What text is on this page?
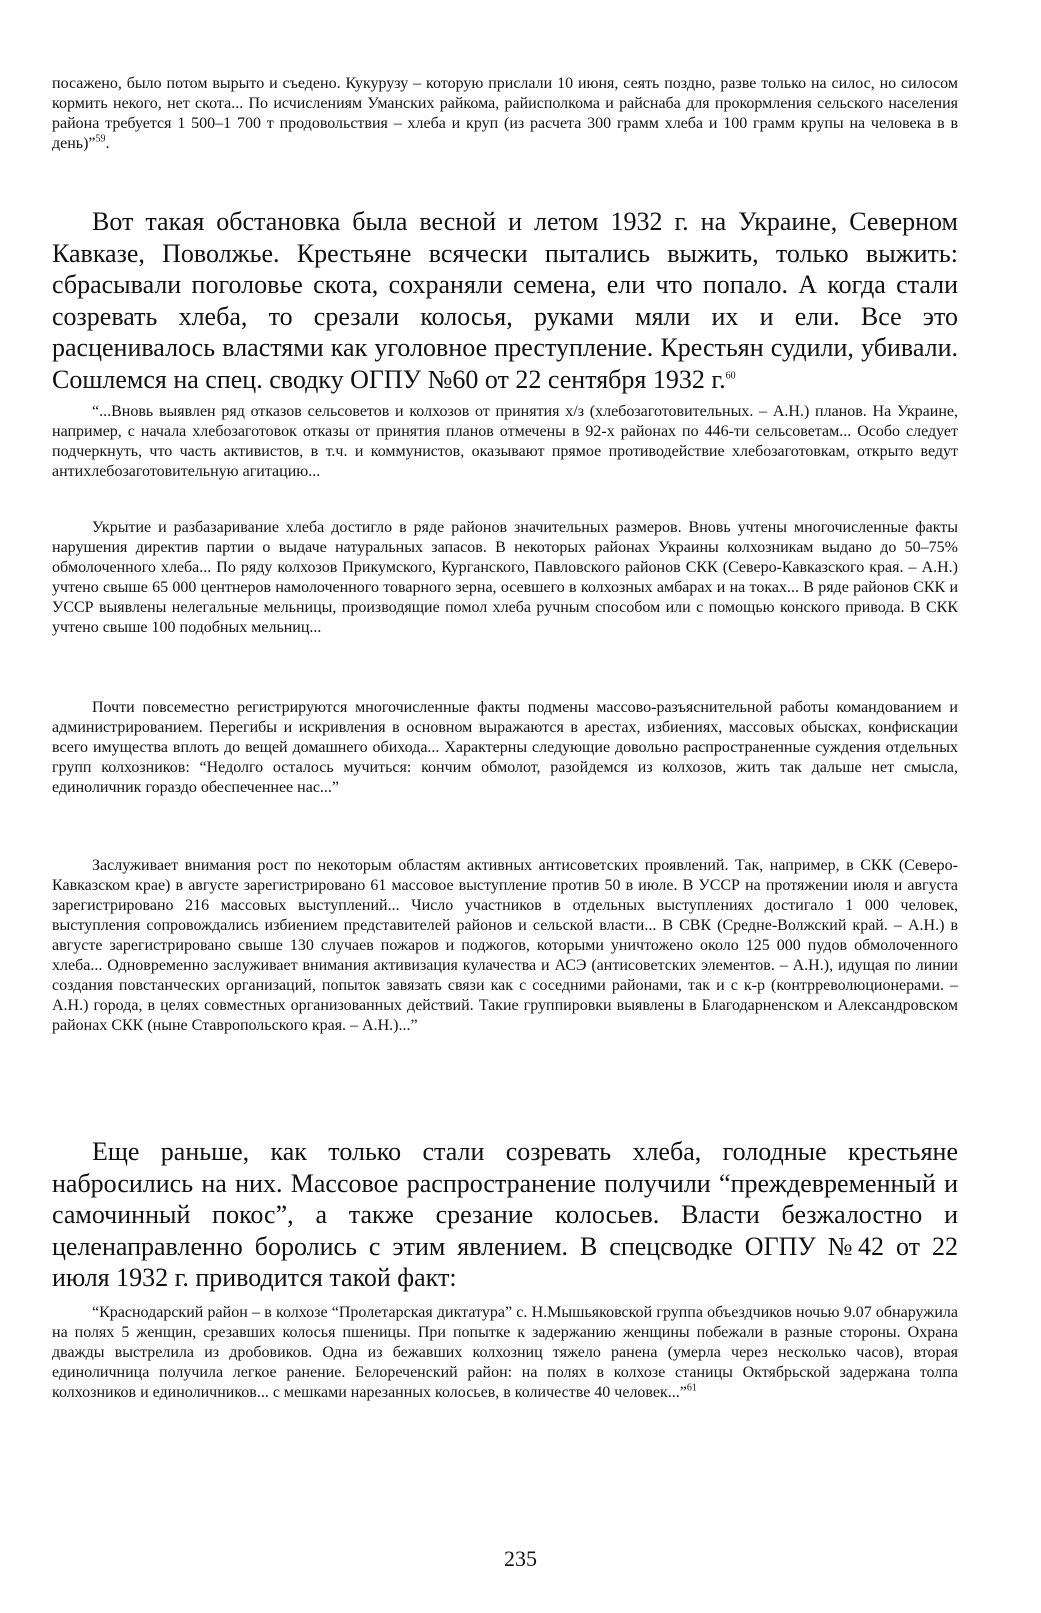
посажено, было потом вырыто и съедено. Кукурузу – которую прислали 10 июня, сеять поздно, разве только на силос, но силосом кормить некого, нет скота... По исчислениям Уманских райкома, райисполкома и райснаба для прокормления сельского населения района требуется 1 500–1 700 т продовольствия – хлеба и круп (из расчета 300 грамм хлеба и 100 грамм крупы на человека в в день)”$^{59}$.

Вот такая обстановка была весной и летом 1932 г. на Украине, Северном Кавказе, Поволжье. Крестьяне всячески пытались выжить, только выжить: сбрасывали поголовье скота, сохраняли семена, ели что попало. А когда стали созревать хлеба, то срезали колосья, руками мяли их и ели. Все это расценивалось властями как уголовное преступление. Крестьян судили, убивали. Сошлемся на спец. сводку ОГПУ №60 от 22 сентября 1932 г.$^{60}$

“...Вновь выявлен ряд отказов сельсоветов и колхозов от принятия х/з (хлебозаготовительных. – А.Н.) планов. На Украине, например, с начала хлебозаготовок отказы от принятия планов отмечены в 92-х районах по 446-ти сельсоветам... Особо следует подчеркнуть, что часть активистов, в т.ч. и коммунистов, оказывают прямое противодействие хлебозаготовкам, открыто ведут антихлебозаготовительную агитацию...

Укрытие и разбазаривание хлеба достигло в ряде районов значительных размеров. Вновь учтены многочисленные факты нарушения директив партии о выдаче натуральных запасов. В некоторых районах Украины колхозникам выдано до 50–75% обмолоченного хлеба... По ряду колхозов Прикумского, Курганского, Павловского районов СКК (Северо-Кавказского края. – А.Н.) учтено свыше 65 000 центнеров намолоченного товарного зерна, осевшего в колхозных амбарах и на токах... В ряде районов СКК и УССР выявлены нелегальные мельницы, производящие помол хлеба ручным способом или с помощью конского привода. В СКК учтено свыше 100 подобных мельниц...

Почти повсеместно регистрируются многочисленные факты подмены массово-разъяснительной работы командованием и администрированием. Перегибы и искривления в основном выражаются в арестах, избиениях, массовых обысках, конфискации всего имущества вплоть до вещей домашнего обихода... Характерны следующие довольно распространенные суждения отдельных групп колхозников: “Недолго осталось мучиться: кончим обмолот, разойдемся из колхозов, жить так дальше нет смысла, единоличник гораздо обеспеченнее нас...”

Заслуживает внимания рост по некоторым областям активных антисоветских проявлений. Так, например, в СКК (Северо-Кавказском крае) в августе зарегистрировано 61 массовое выступление против 50 в июле. В УССР на протяжении июля и августа зарегистрировано 216 массовых выступлений... Число участников в отдельных выступлениях достигало 1 000 человек, выступления сопровождались избиением представителей районов и сельской власти... В СВК (Средне-Волжский край. – А.Н.) в августе зарегистрировано свыше 130 случаев пожаров и поджогов, которыми уничтожено около 125 000 пудов обмолоченного хлеба... Одновременно заслуживает внимания активизация кулачества и АСЭ (антисоветских элементов. – А.Н.), идущая по линии создания повстанческих организаций, попыток завязать связи как с соседними районами, так и с к-р (контрреволюционерами. – А.Н.) города, в целях совместных организованных действий. Такие группировки выявлены в Благодарненском и Александровском районах СКК (ныне Ставропольского края. – А.Н.)...”

Еще раньше, как только стали созревать хлеба, голодные крестьяне набросились на них. Массовое распространение получили “преждевременный и самочинный покос”, а также срезание колосьев. Власти безжалостно и целенаправленно боролись с этим явлением. В спецсводке ОГПУ №42 от 22 июля 1932 г. приводится такой факт:

“Краснодарский район – в колхозе “Пролетарская диктатура” с. Н.Мышьяковской группа объездчиков ночью 9.07 обнаружила на полях 5 женщин, срезавших колосья пшеницы. При попытке к задержанию женщины побежали в разные стороны. Охрана дважды выстрелила из дробовиков. Одна из бежавших колхозниц тяжело ранена (умерла через несколько часов), вторая единоличница получила легкое ранение. Белореченский район: на полях в колхозе станицы Октябрьской задержана толпа колхозников и единоличников... с мешками нарезанных колосьев, в количестве 40 человек...”$^{61}$

235
